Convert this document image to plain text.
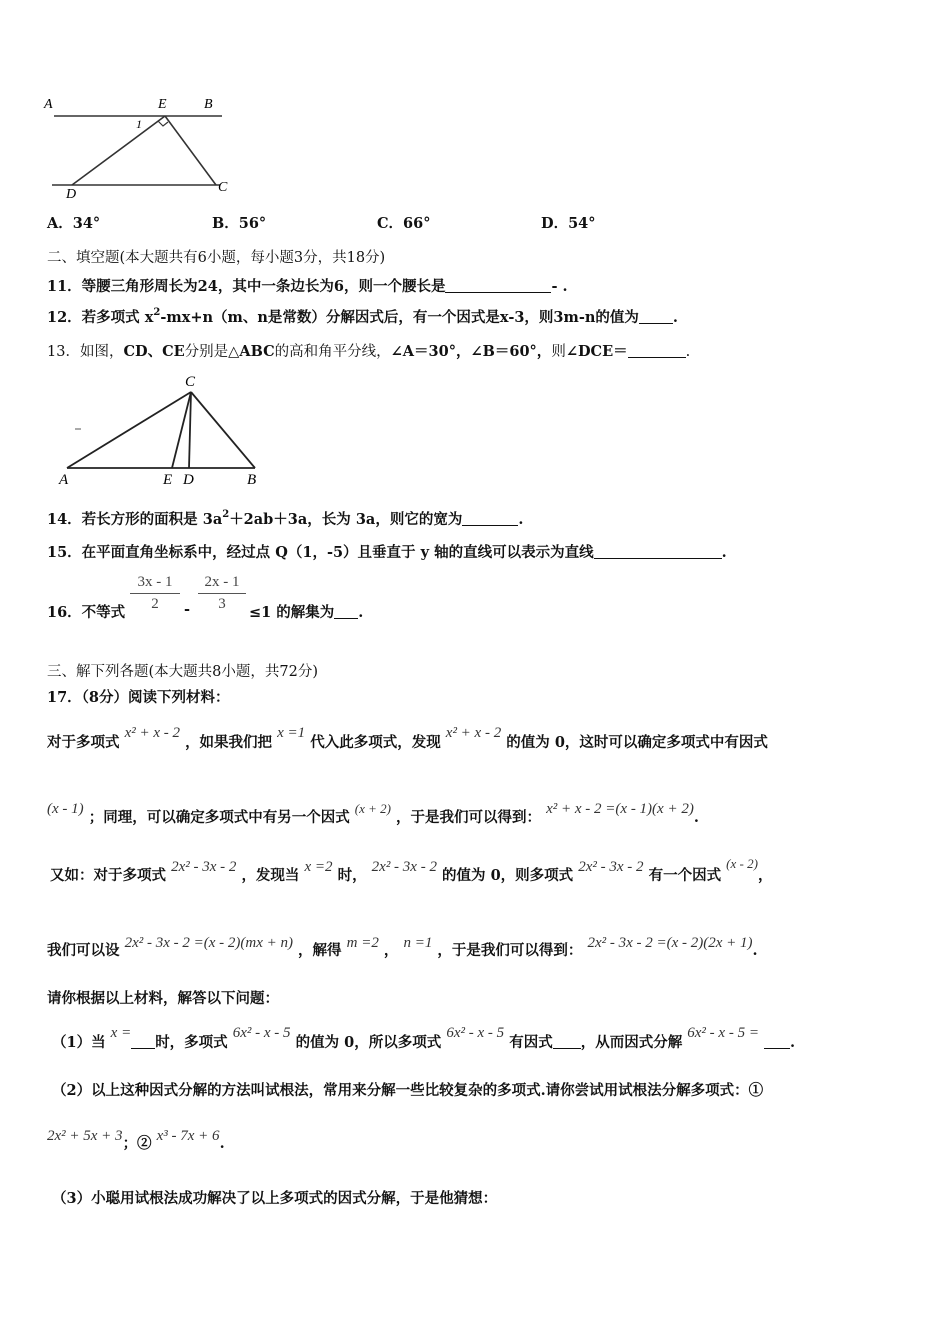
A	E	B
1
D	C
A．34°	B．56°	C．66°	D．54°
二、填空题(本大题共有6小题，每小题3分，共18分)
11．等腰三角形周长为24，其中一条边长为6，则一个腰长是	- .
12．若多项式 $x^2-mx+n(m$、n是常数）分解因式后，有一个因式是x-3，则3m-n的值为 .
13．如图，CD、CE分别是△ABC的高和角平分线，∠A＝30°，∠B＝60°，则∠DCE＝	.
C
A	E D	B
14．若长方形的面积是 $3a^2+2ab+3a$，长为 3a，则它的宽为	.
15．在平面直角坐标系中，经过点 Q（1，-5）且垂直于 y 轴的直线可以表示为直线	.
16．不等式 $\frac{3x - 1}{2} - \frac{2x - 1}{3} \le 1$ 的解集为 .
三、解下列各题(本大题共8小题，共72分)
17．（8分）阅读下列材料：
对于多项式 x² + x - 2 ，如果我们把 x =1 代入此多项式，发现 x² + x - 2 的值为 0，这时可以确定多项式中有因式
(x - 1) ；同理，可以确定多项式中有另一个因式 (x + 2) ，于是我们可以得到： x² + x - 2 =(x - 1)(x + 2).
又如：对于多项式 2x² - 3x - 2 ，发现当 x =2 时， 2x² - 3x - 2 的值为 0，则多项式 2x² - 3x - 2 有一个因式 (x - 2)，
我们可以设 2x² - 3x - 2 =(x - 2)(mx + n) ，解得 m =2 ， n =1 ，于是我们可以得到： 2x² - 3x - 2 =(x - 2)(2x + 1).
请你根据以上材料，解答以下问题：
（1）当 x =时，多项式 6x² - x - 5 的值为 0，所以多项式 6x² - x - 5 有因式 ，从而因式分解 6x² - x - 5 = .
（2）以上这种因式分解的方法叫试根法，常用来分解一些比较复杂的多项式.请你尝试用试根法分解多项式：①
2x² + 5x + 3；② x³ - 7x + 6.
（3）小聪用试根法成功解决了以上多项式的因式分解，于是他猜想：
